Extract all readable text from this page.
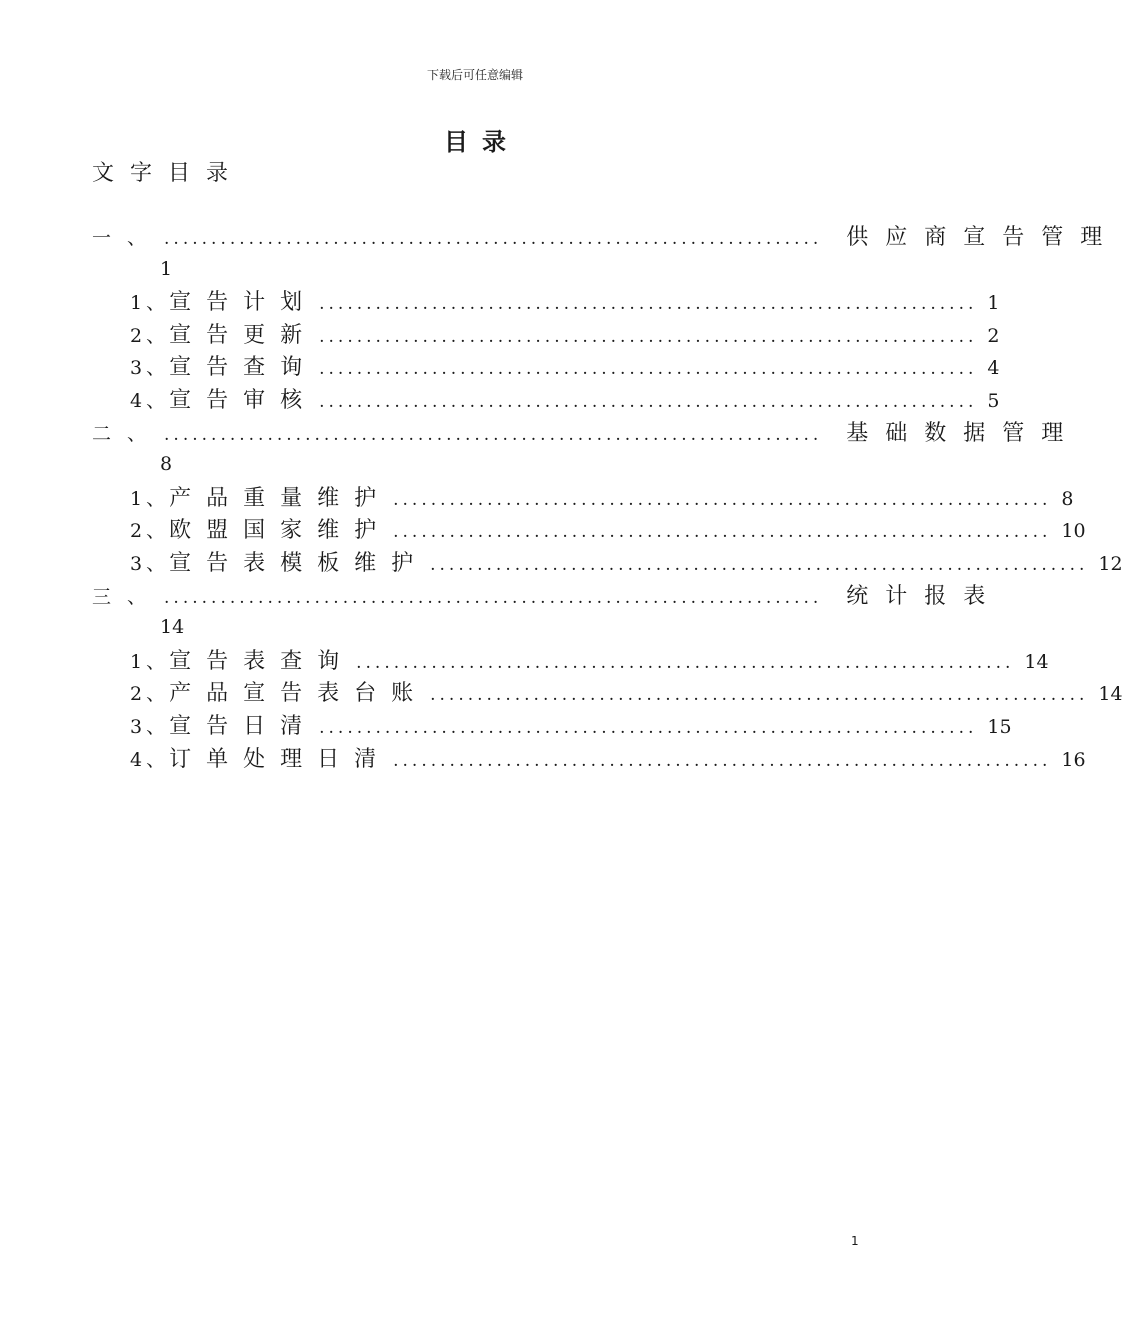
下载后可任意编辑
目录
文字目录
一、 ...................................................................... 供应商宣告管理
1
1、 宣告计划 ...................................................................... 1
2、 宣告更新 ...................................................................... 2
3、 宣告查询 ...................................................................... 4
4、 宣告审核 ...................................................................... 5
二、 ...................................................................... 基础数据管理
8
1、 产品重量维护 ...................................................................... 8
2、 欧盟国家维护 ...................................................................... 10
3、 宣告表模板维护 ...................................................................... 12
三、 ...................................................................... 统计报表
14
1、 宣告表查询 ...................................................................... 14
2、 产品宣告表台账 ...................................................................... 14
3、 宣告日清 ...................................................................... 15
4、 订单处理日清 ...................................................................... 16
1
